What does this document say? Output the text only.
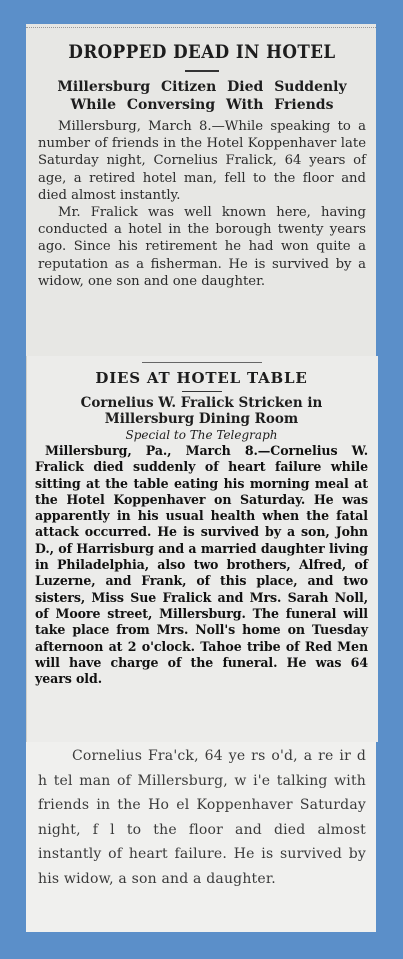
DROPPED DEAD IN HOTEL

Millersburg Citizen Died Suddenly While Conversing With Friends

Millersburg, March 8.—While speaking to a number of friends in the Hotel Koppenhaver late Saturday night, Cornelius Fralick, 64 years of age, a retired hotel man, fell to the floor and died almost instantly.

Mr. Fralick was well known here, having conducted a hotel in the borough twenty years ago. Since his retirement he had won quite a reputation as a fisherman. He is survived by a widow, one son and one daughter.

DIES AT HOTEL TABLE

Cornelius W. Fralick Stricken in Millersburg Dining Room

Special to The Telegraph

Millersburg, Pa., March 8.—Cornelius W. Fralick died suddenly of heart failure while sitting at the table eating his morning meal at the Hotel Koppenhaver on Saturday. He was apparently in his usual health when the fatal attack occurred. He is survived by a son, John D., of Harrisburg and a married daughter living in Philadelphia, also two brothers, Alfred, of Luzerne, and Frank, of this place, and two sisters, Miss Sue Fralick and Mrs. Sarah Noll, of Moore street, Millersburg. The funeral will take place from Mrs. Noll's home on Tuesday afternoon at 2 o'clock. Tahoe tribe of Red Men will have charge of the funeral. He was 64 years old.

Cornelius Fra'ck, 64 ye rs o'd, a re ir d h tel man of Millersburg, w i'e talking with friends in the Ho el Koppenhaver Saturday night, f l to the floor and died almost instantly of heart failure. He is survived by his widow, a son and a daughter.
